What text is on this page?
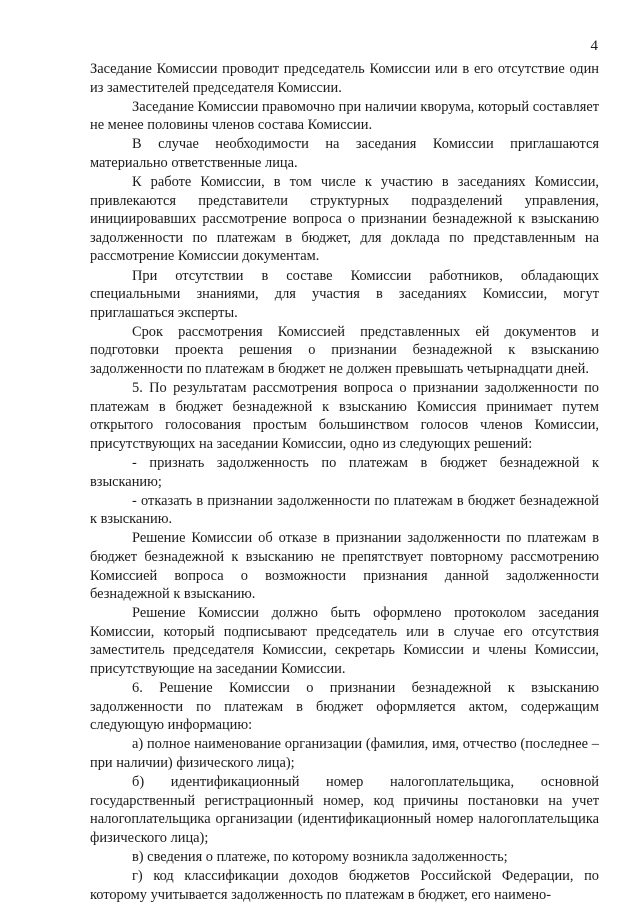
4

Заседание Комиссии проводит председатель Комиссии или в его отсутствие один из заместителей председателя Комиссии.

Заседание Комиссии правомочно при наличии кворума, который составляет не менее половины членов состава Комиссии.

В случае необходимости на заседания Комиссии приглашаются материально ответственные лица.

К работе Комиссии, в том числе к участию в заседаниях Комиссии, привлекаются представители структурных подразделений управления, инициировавших рассмотрение вопроса о признании безнадежной к взысканию задолженности по платежам в бюджет, для доклада по представленным на рассмотрение Комиссии документам.

При отсутствии в составе Комиссии работников, обладающих специальными знаниями, для участия в заседаниях Комиссии, могут приглашаться эксперты.

Срок рассмотрения Комиссией представленных ей документов и подготовки проекта решения о признании безнадежной к взысканию задолженности по платежам в бюджет не должен превышать четырнадцати дней.

5. По результатам рассмотрения вопроса о признании задолженности по платежам в бюджет безнадежной к взысканию Комиссия принимает путем открытого голосования простым большинством голосов членов Комиссии, присутствующих на заседании Комиссии, одно из следующих решений:

- признать задолженность по платежам в бюджет безнадежной к взысканию;

- отказать в признании задолженности по платежам в бюджет безнадежной к взысканию.

Решение Комиссии об отказе в признании задолженности по платежам в бюджет безнадежной к взысканию не препятствует повторному рассмотрению Комиссией вопроса о возможности признания данной задолженности безнадежной к взысканию.

Решение Комиссии должно быть оформлено протоколом заседания Комиссии, который подписывают председатель или в случае его отсутствия заместитель председателя Комиссии, секретарь Комиссии и члены Комиссии, присутствующие на заседании Комиссии.

6. Решение Комиссии о признании безнадежной к взысканию задолженности по платежам в бюджет оформляется актом, содержащим следующую информацию:

а) полное наименование организации (фамилия, имя, отчество (последнее – при наличии) физического лица);

б) идентификационный номер налогоплательщика, основной государственный регистрационный номер, код причины постановки на учет налогоплательщика организации (идентификационный номер налогоплательщика физического лица);

в) сведения о платеже, по которому возникла задолженность;

г) код классификации доходов бюджетов Российской Федерации, по которому учитывается задолженность по платежам в бюджет, его наимено-
